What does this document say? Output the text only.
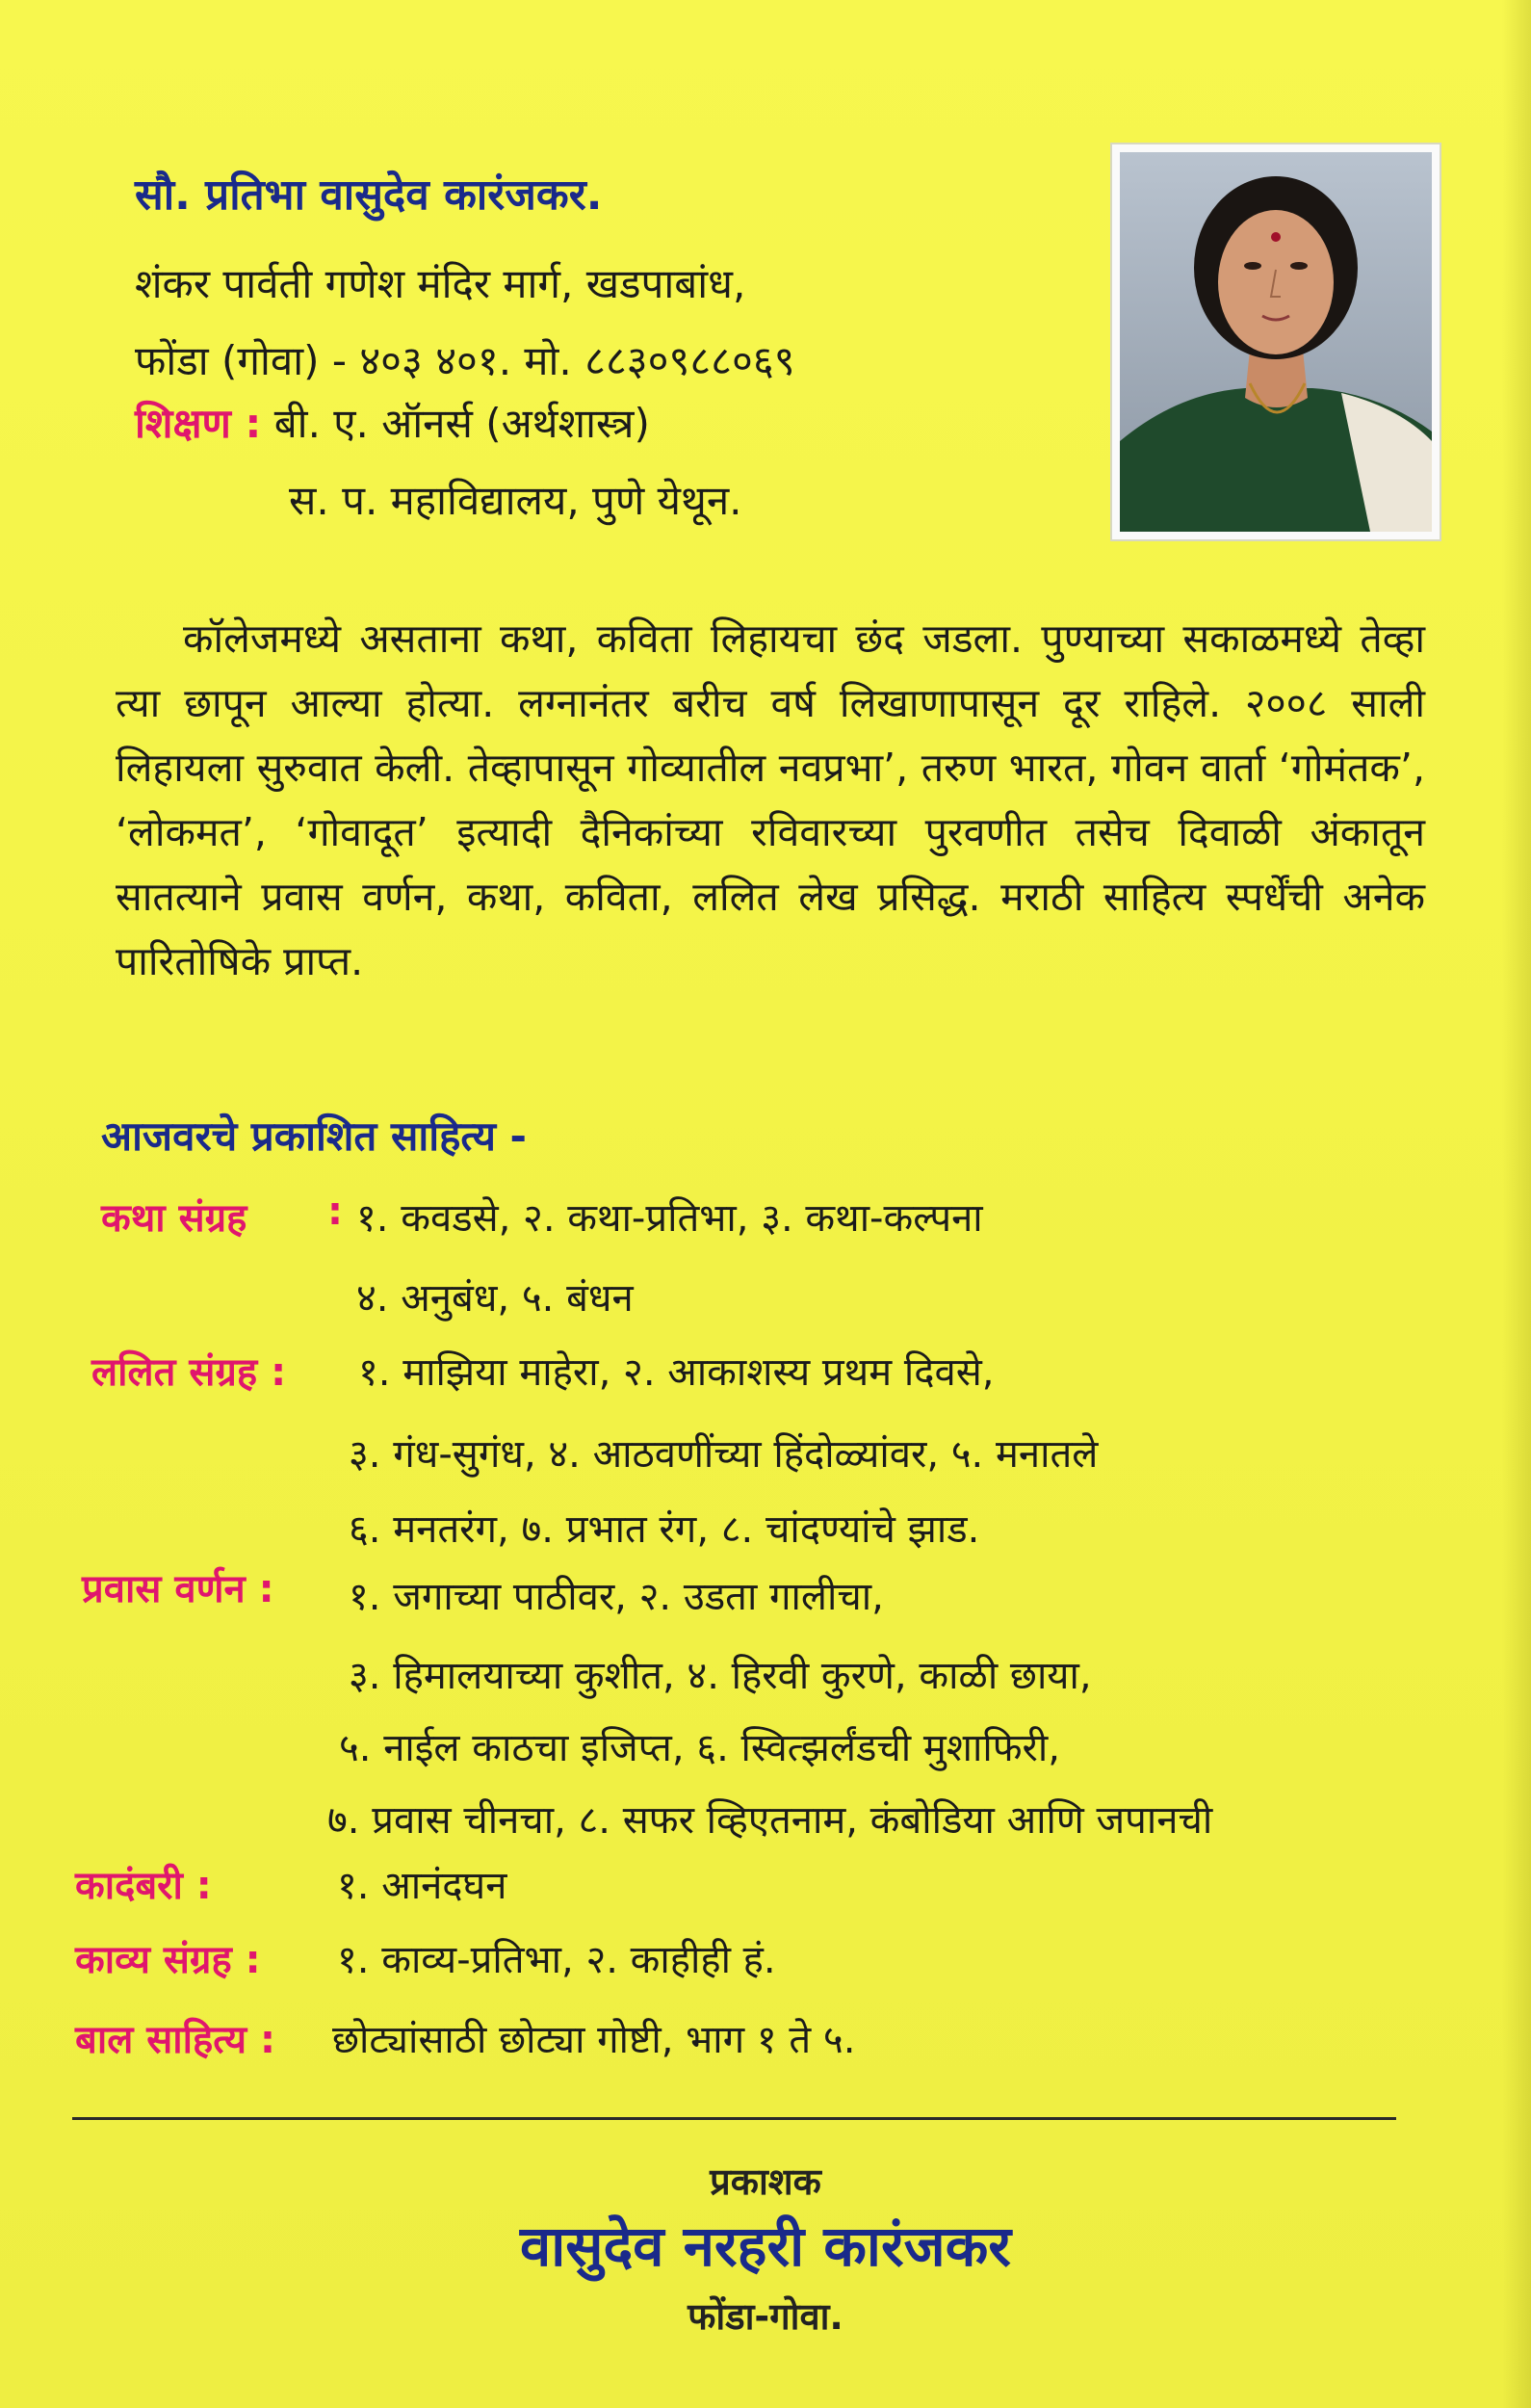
सौ. प्रतिभा वासुदेव कारंजकर.
शंकर पार्वती गणेश मंदिर मार्ग, खडपाबांध,
फोंडा (गोवा) - ४०३ ४०१. मो. ८८३०९८८०६९
शिक्षण : बी. ए. ऑनर्स (अर्थशास्त्र)
स. प. महाविद्यालय, पुणे येथून.
कॉलेजमध्ये असताना कथा, कविता लिहायचा छंद जडला. पुण्याच्या सकाळमध्ये तेव्हा त्या छापून आल्या होत्या. लग्नानंतर बरीच वर्ष लिखाणापासून दूर राहिले. २००८ साली लिहायला सुरुवात केली. तेव्हापासून गोव्यातील नवप्रभा’, तरुण भारत, गोवन वार्ता ‘गोमंतक’, ‘लोकमत’, ‘गोवादूत’ इत्यादी दैनिकांच्या रविवारच्या पुरवणीत तसेच दिवाळी अंकातून सातत्याने प्रवास वर्णन, कथा, कविता, ललित लेख प्रसिद्ध. मराठी साहित्य स्पर्धेंची अनेक पारितोषिके प्राप्त.
आजवरचे प्रकाशित साहित्य -
कथा संग्रह : १. कवडसे, २. कथा-प्रतिभा, ३. कथा-कल्पना
४. अनुबंध, ५. बंधन
ललित संग्रह : १. माझिया माहेरा, २. आकाशस्य प्रथम दिवसे,
३. गंध-सुगंध, ४. आठवणींच्या हिंदोळ्यांवर, ५. मनातले
६. मनतरंग, ७. प्रभात रंग, ८. चांदण्यांचे झाड.
प्रवास वर्णन : १. जगाच्या पाठीवर, २. उडता गालीचा,
३. हिमालयाच्या कुशीत, ४. हिरवी कुरणे, काळी छाया,
५. नाईल काठचा इजिप्त, ६. स्वित्झर्लंडची मुशाफिरी,
७. प्रवास चीनचा, ८. सफर व्हिएतनाम, कंबोडिया आणि जपानची
कादंबरी :	१. आनंदघन
काव्य संग्रह : १. काव्य-प्रतिभा, २. काहीही हं.
बाल साहित्य : छोट्यांसाठी छोट्या गोष्टी, भाग १ ते ५.
प्रकाशक
वासुदेव नरहरी कारंजकर
फोंडा-गोवा.
